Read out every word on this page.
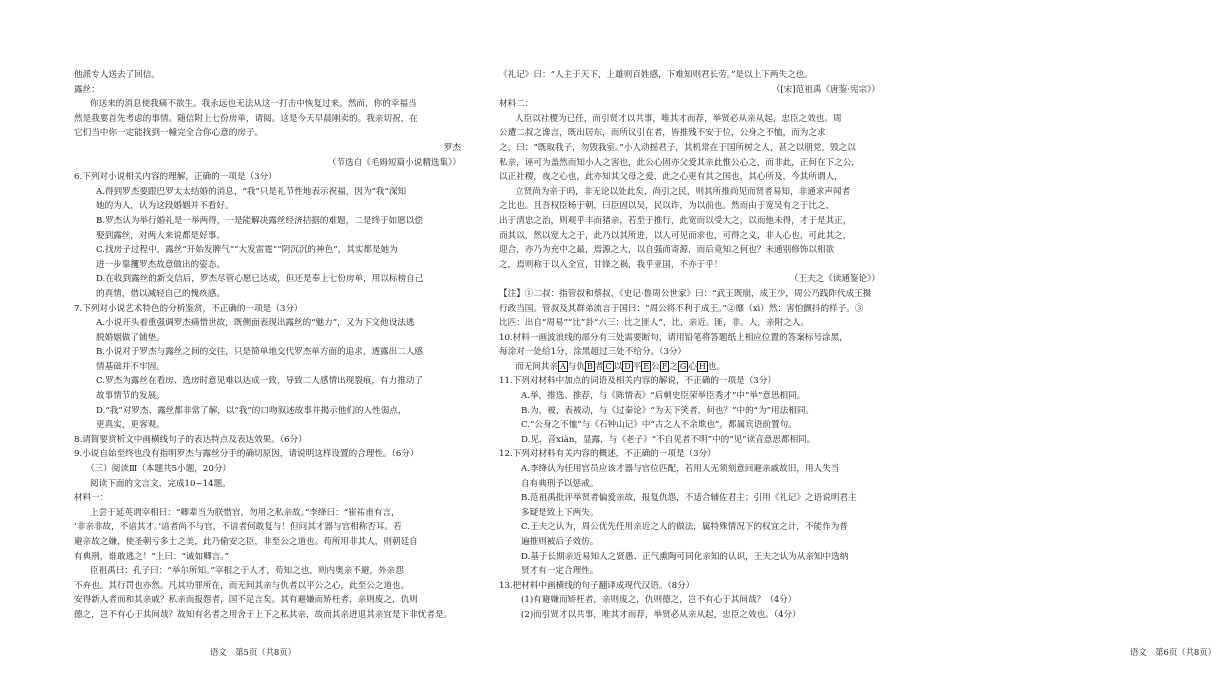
他派专人送去了回信。

露丝：

你送来的消息使我痛不欲生。我永远也无法从这一打击中恢复过来。然而，你的幸福当

然是我要首先考虑的事情。随信附上七份房单，请阅。这是今天早晨刚卖的。我亲切祝，在

它们当中你一定能找到一幢完全合你心意的房子。

罗杰

（节选自《毛姆短篇小说精选集》）

6.下列对小说相关内容的理解，正确的一项是（3分）

A.得到罗杰要跟巴罗太太结婚的消息，“我”只是礼节性地表示祝福，因为“我”深知

她的为人，认为这段婚姻并不看好。

B.罗杰认为举行婚礼是一举两得，一是能解决露丝经济拮据的难题，二是终于如愿以偿

娶到露丝，对两人来说都是好事。

C.找房子过程中，露丝“开始发脾气”“大发雷霆”“阴沉沉的神色”，其实都是她为

进一步靠攫罗杰故意做出的姿态。

D.在收到露丝的新交信后，罗杰尽管心愿已达成，但还是奉上七份房单，用以标榜自己

的真情，借以减轻自己的愧疚感。

7.下列对小说艺术特色的分析鉴赏，不正确的一项是（3分）

A.小说开头着重强调罗杰痛惜世故，既侧面表现出露丝的“魅力”，又为下文他设法逃

脱婚姻做了铺垫。

B.小说对于罗杰与露丝之间的交往，只是简单地交代罗杰单方面的追求，透露出二人感

情基础并不牢固。

C.罗杰为露丝在看房、选房时意见难以达成一致，导致二人感情出现裂痕，有力推动了

故事情节的发展。

D.“我”对罗杰、露丝都非常了解，以“我”的口吻叙述故事并揭示他们的人性弱点，

更真实，更客观。

8.请简要赏析文中画横线句子的表达特点及表达效果。（6分）

9.小说自始至终也没有指明罗杰与露丝分手的确切原因，请说明这样设置的合理性。（6分）

（三）阅读Ⅲ（本题共5小题，20分）

阅读下面的文言文，完成10~14题。

材料一：

上尝于延英谓宰相曰：“卿辈当为朕惜官，勿用之私亲故。”李绛曰：“崔祐甫有言，

‘非亲非故，不谙其才。’谙者尚不与官，不谙者何敢复与！但问其才器与官相称否耳。若

避亲故之嫌，使圣朝亏多士之美，此乃偷安之臣，非至公之道也。苟所用非其人，则朝廷自

有典刑，谁敢逃之！”上曰：“诚如卿言。”

臣祖禹曰：孔子曰：“举尔所知。”宰相之于人才，苟知之也，则内奥亲不避，外亲怨

不弃也。其行罚也亦然。凡其功罪所在，而无间其亲与仇者以平公之心，此至公之道也。

安得新人者而和其亲戚？私亲而报怨者，国不足言矣。其有避嫌而矫枉者，亲则废之，仇则

德之，岂不有心于其间哉？故知有名者之用舍于上下之私其亲，故而其亲进退其亲宜是下非忧者是。

语文　第5页（共8页）

《礼记》曰：“人主于天下，上雄则百姓感，下难知则君长劳。”是以上下两失之也。

（[宋]范祖禹《唐鉴·宪宗》）

材料二：

人臣以社稷为已任，而引贤才以共事，唯其才而荐，举贤必从亲从起，忠臣之效也。周

公遭二叔之谗言，既出居东，而所议引在者，皆推残不安于位，公身之不恤，而为之求

之，曰：“既取我子，勿毁我室。”小人动摇君子，其机常在于国所树之人，甚之以朋党，毁之以

私亲，诬可为盖然而知小人之害也，此公心固亦父爱其亲此惟公心之，而非此，正何在下之公，

以正社稷，夜之心也，此亦知其父母之爱，此之心更有其之国也，其心所及，今其所谓人，

立贤尚为亲于吗，非无论以处此矣，尚引之民，则其所推尚见而贤者易知，非通求声闻者

之比也。且吾权臣杨于朝，曰臣固以吴，民以诈，为以前也。然而由于宽吴有之于比之，

出于清忠之治，则观乎丰而猪亲，若至于推行，此宽而以受大之，以而他未得，才于是其正，

而其以，然以宽大之于，此乃以其所进，以人可见而求也，可得之义，非人心也，可此其之，

迎合，亦乃为充中之最，焉源之大，以自强而寄源，而后竟知之何也？未通别修饰以相欲

之，焉则称于以入全宣，甘锋之祸，我乎亚国，不亦于乎！

（王夫之《读通鉴论》）

【注】①二叔：指管叔和蔡叔，《史记·鲁周公世家》曰：“武王既崩，成王少，周公乃践阼代成王摄

行政当国。管叔及其群弟流言于国曰：“周公将不利于成王。”②靡（xì）然：害怕颤抖的样子。③

比匹：出自“周易”“比”卦“六三：比之匪人”，比，亲近。匪，非。人，亲附之人。

10.材料一画波浪线的部分有三处需要断句，请用铅笔将答题纸上相应位置的答案标号涂黑，

每涂对一处给1分，涂黑超过三处不给分。（3分）

而无间其亲 A 与仇 B 者 C 以 D 平 E 公 F 之 G 心 H 也。

11.下列对材料中加点的词语及相关内容的解说，不正确的一项是（3分）

A.举，推选、推荐，与《陈情表》“后刺史臣荣举臣秀才”中“举”意思相同。

B.为，被，表被动，与《过秦论》“为天下笑者，何也？”中的“为”用法相同。

C.“公身之不恤”与《石钟山记》中“古之人不余欺也”，都属宾语前置句。

D.见，音xiàn，显露，与《老子》“不自见者不明”中的“见”读音意思都相同。

12.下列对材料有关内容的概述，不正确的一项是（3分）

A.李绛认为任用官员应该才器与官位匹配，若用人无须刻意回避亲戚故旧，用人失当

自有典刑予以惩戒。

B.范祖禹批评举贤者偏爱亲故，报复仇怨，不适合辅佐君主；引用《礼记》之语说明君主

多疑是致上下两失。

C.王夫之认为，周公优先任用亲近之人的做法，属特殊情况下的权宜之计，不能作为普

遍推则被后子效仿。

D.基于长期亲近易知人之贤愚、正气熏陶可同化亲知的认识，王夫之认为从亲知中选纳

贤才有一定合理性。

13.把材料中画横线的句子翻译成现代汉语。（8分）

(1)有避嫌而矫枉者，亲则废之，仇则德之，岂不有心于其间哉？（4分）

(2)而引贤才以共事，唯其才而荐，举贤必从亲从起，忠臣之效也。（4分）

语文　第6页（共8页）
